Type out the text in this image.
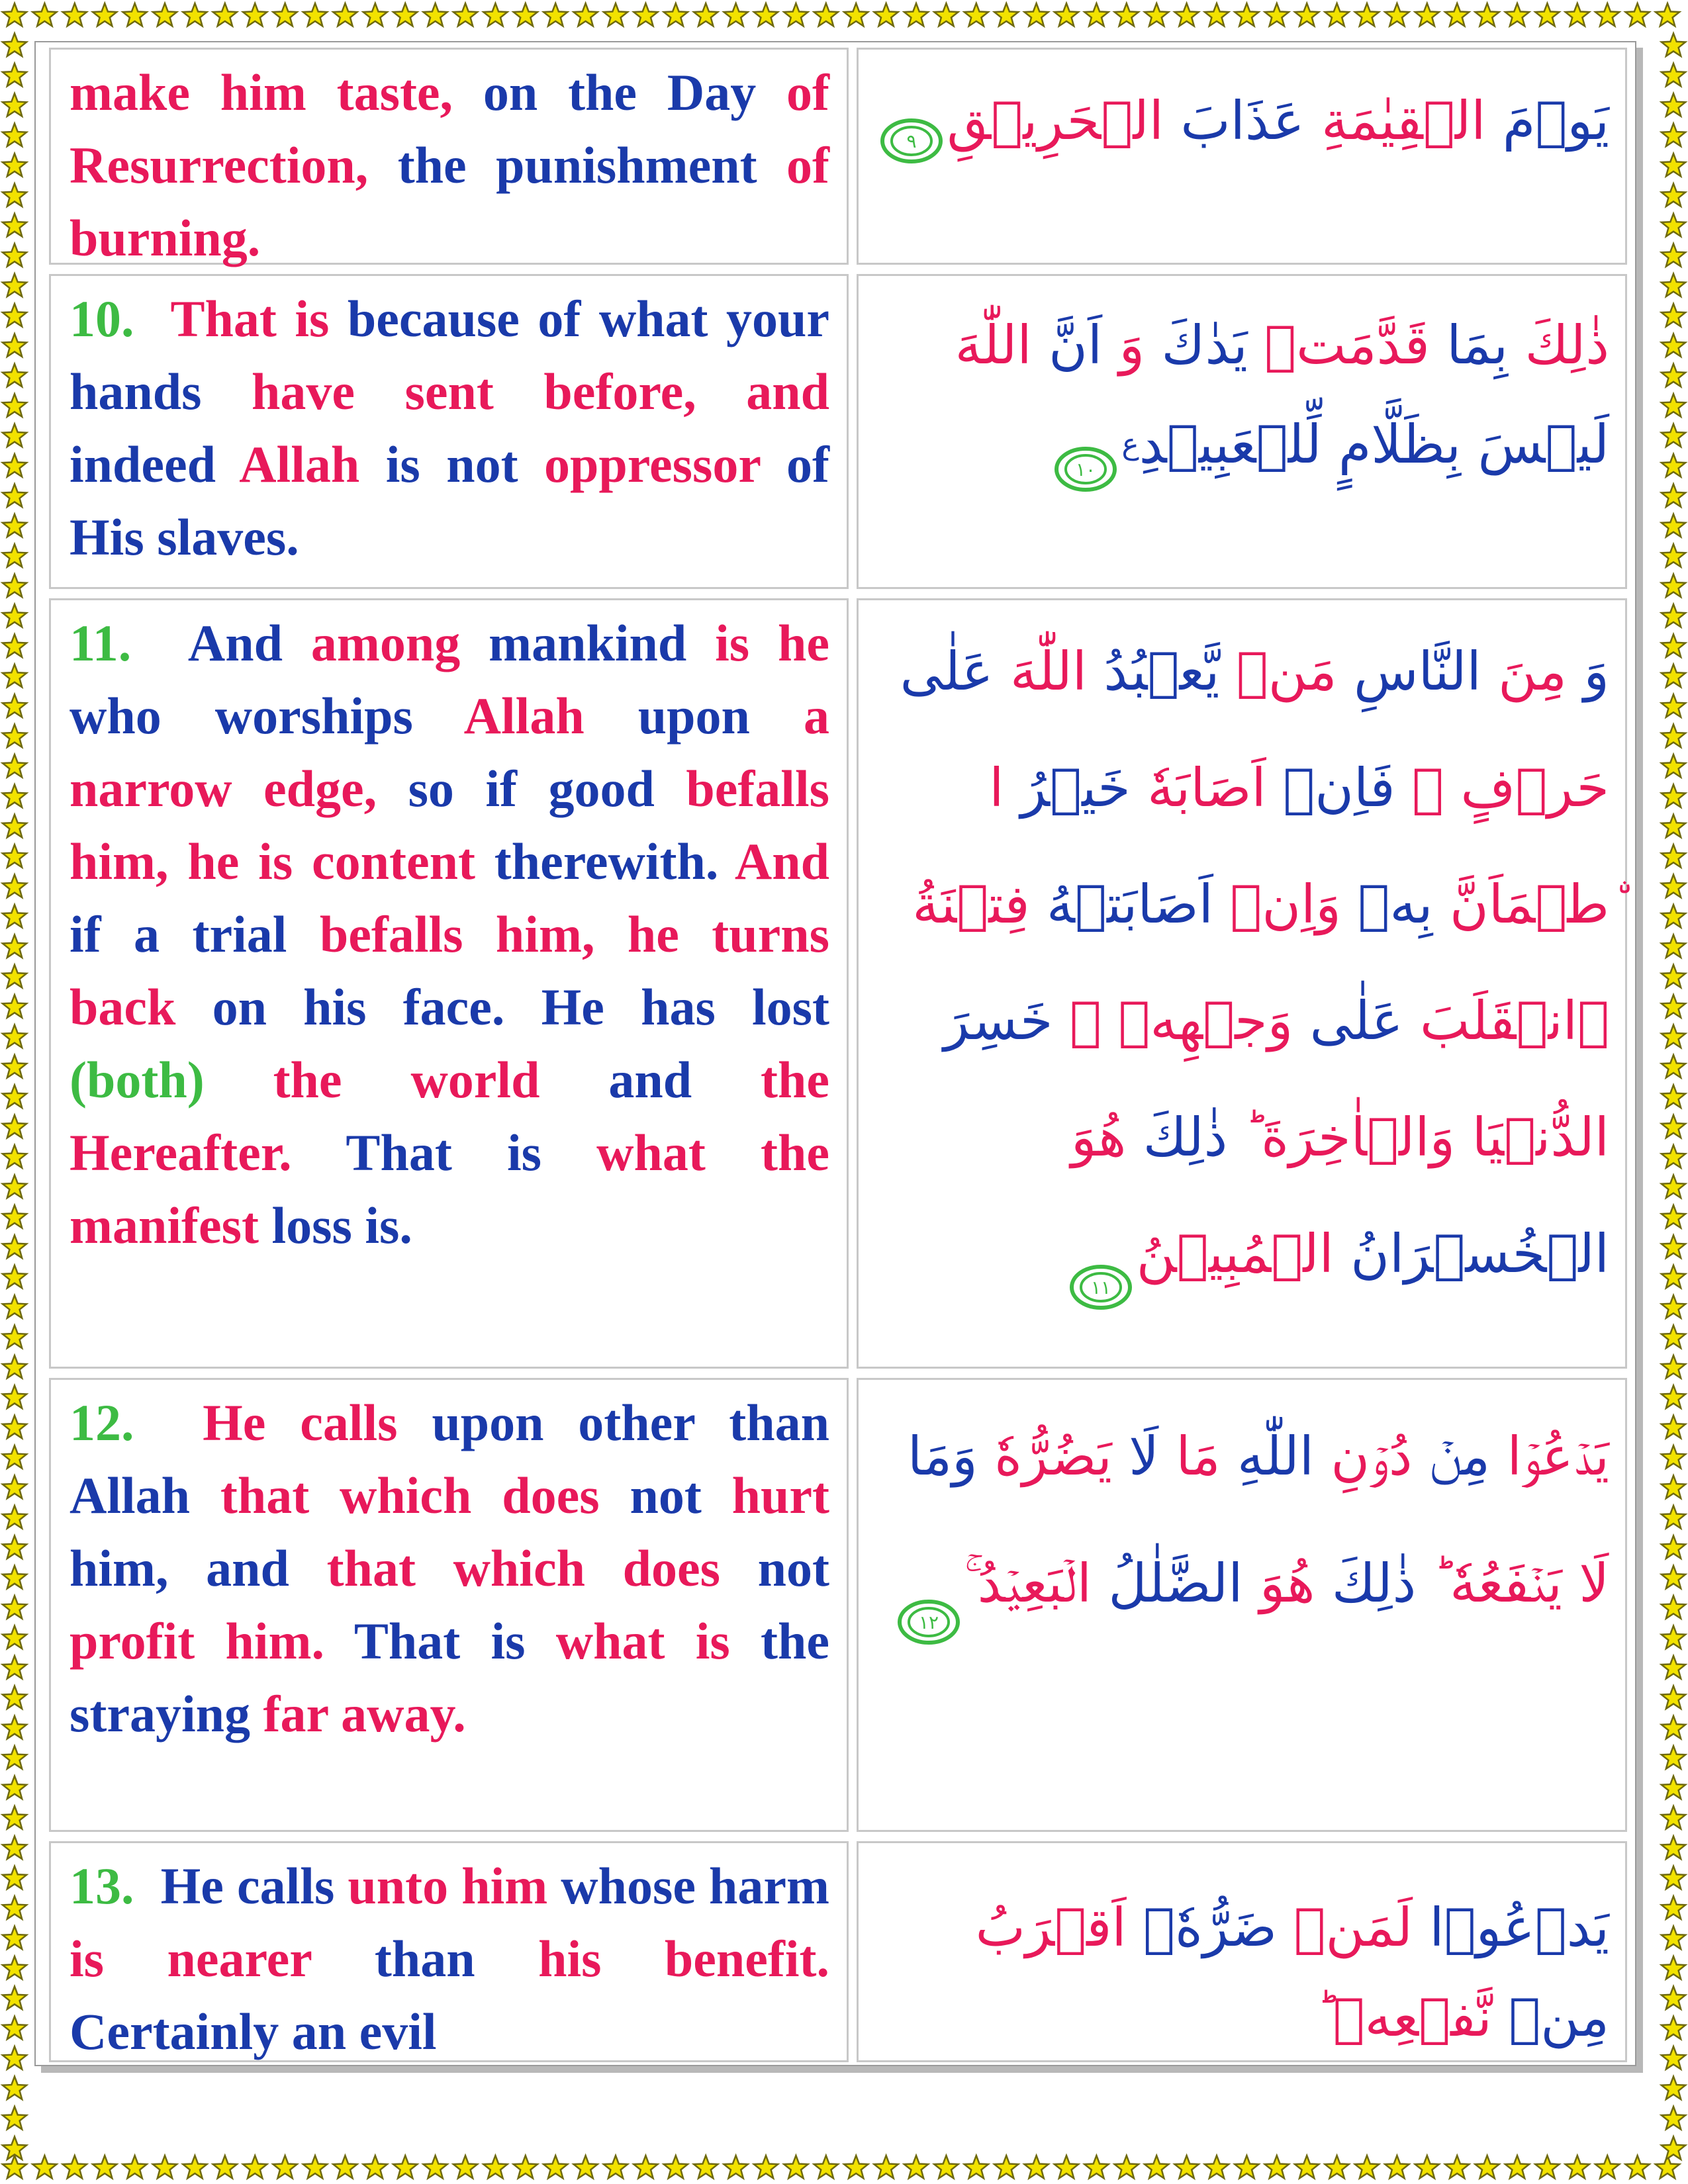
make him taste, on the Day of Resurrection, the punishment of burning.
يَوۡمَ الۡقِيٰمَةِ عَذَابَ الۡحَرِيۡقِ
٩
10. That is because of what your hands have sent before, and indeed Allah is not oppressor of His slaves.
ذٰلِكَ بِمَا قَدَّمَتۡ يَدٰكَ وَ اَنَّ اللّٰهَ لَيۡسَ بِظَلَّامٍ لِّلۡعَبِيۡدِ$^ع$
١٠
11. And among mankind is he who worships Allah upon a narrow edge, so if good befalls him, he is content therewith. And if a trial befalls him, he turns back on his face. He has lost (both) the world and the Hereafter. That is what the manifest loss is.
وَ مِنَ النَّاسِ مَنۡ يَّعۡبُدُ اللّٰهَ عَلٰى حَرۡفٍ ۚ فَاِنۡ اَصَابَهٗ خَيۡرُ ا ۨطۡمَاَنَّ بِهٖ وَاِنۡ اَصَابَتۡهُ فِتۡنَةُ ۨانۡقَلَبَ عَلٰى وَجۡهِهٖ ۚ خَسِرَ الدُّنۡيَا وَالۡاٰخِرَةَ ؕ ذٰلِكَ هُوَ الۡخُسۡرَانُ الۡمُبِيۡنُ
١١
12. He calls upon other than Allah that which does not hurt him, and that which does not profit him. That is what is the straying far away.
يَدۡعُوۡا مِنۡ دُوۡنِ اللّٰهِ مَا لَا يَضُرُّهٗ وَمَا لَا يَنۡفَعُهٗ ؕ ذٰلِكَ هُوَ الضَّلٰلُ الۡبَعِيۡدُ ۚ
١٢
13. He calls unto him whose harm is nearer than his benefit. Certainly an evil
يَدۡعُوۡا لَمَنۡ ضَرُّهٗۤ اَقۡرَبُ مِنۡ نَّفۡعِهٖ ؕ
